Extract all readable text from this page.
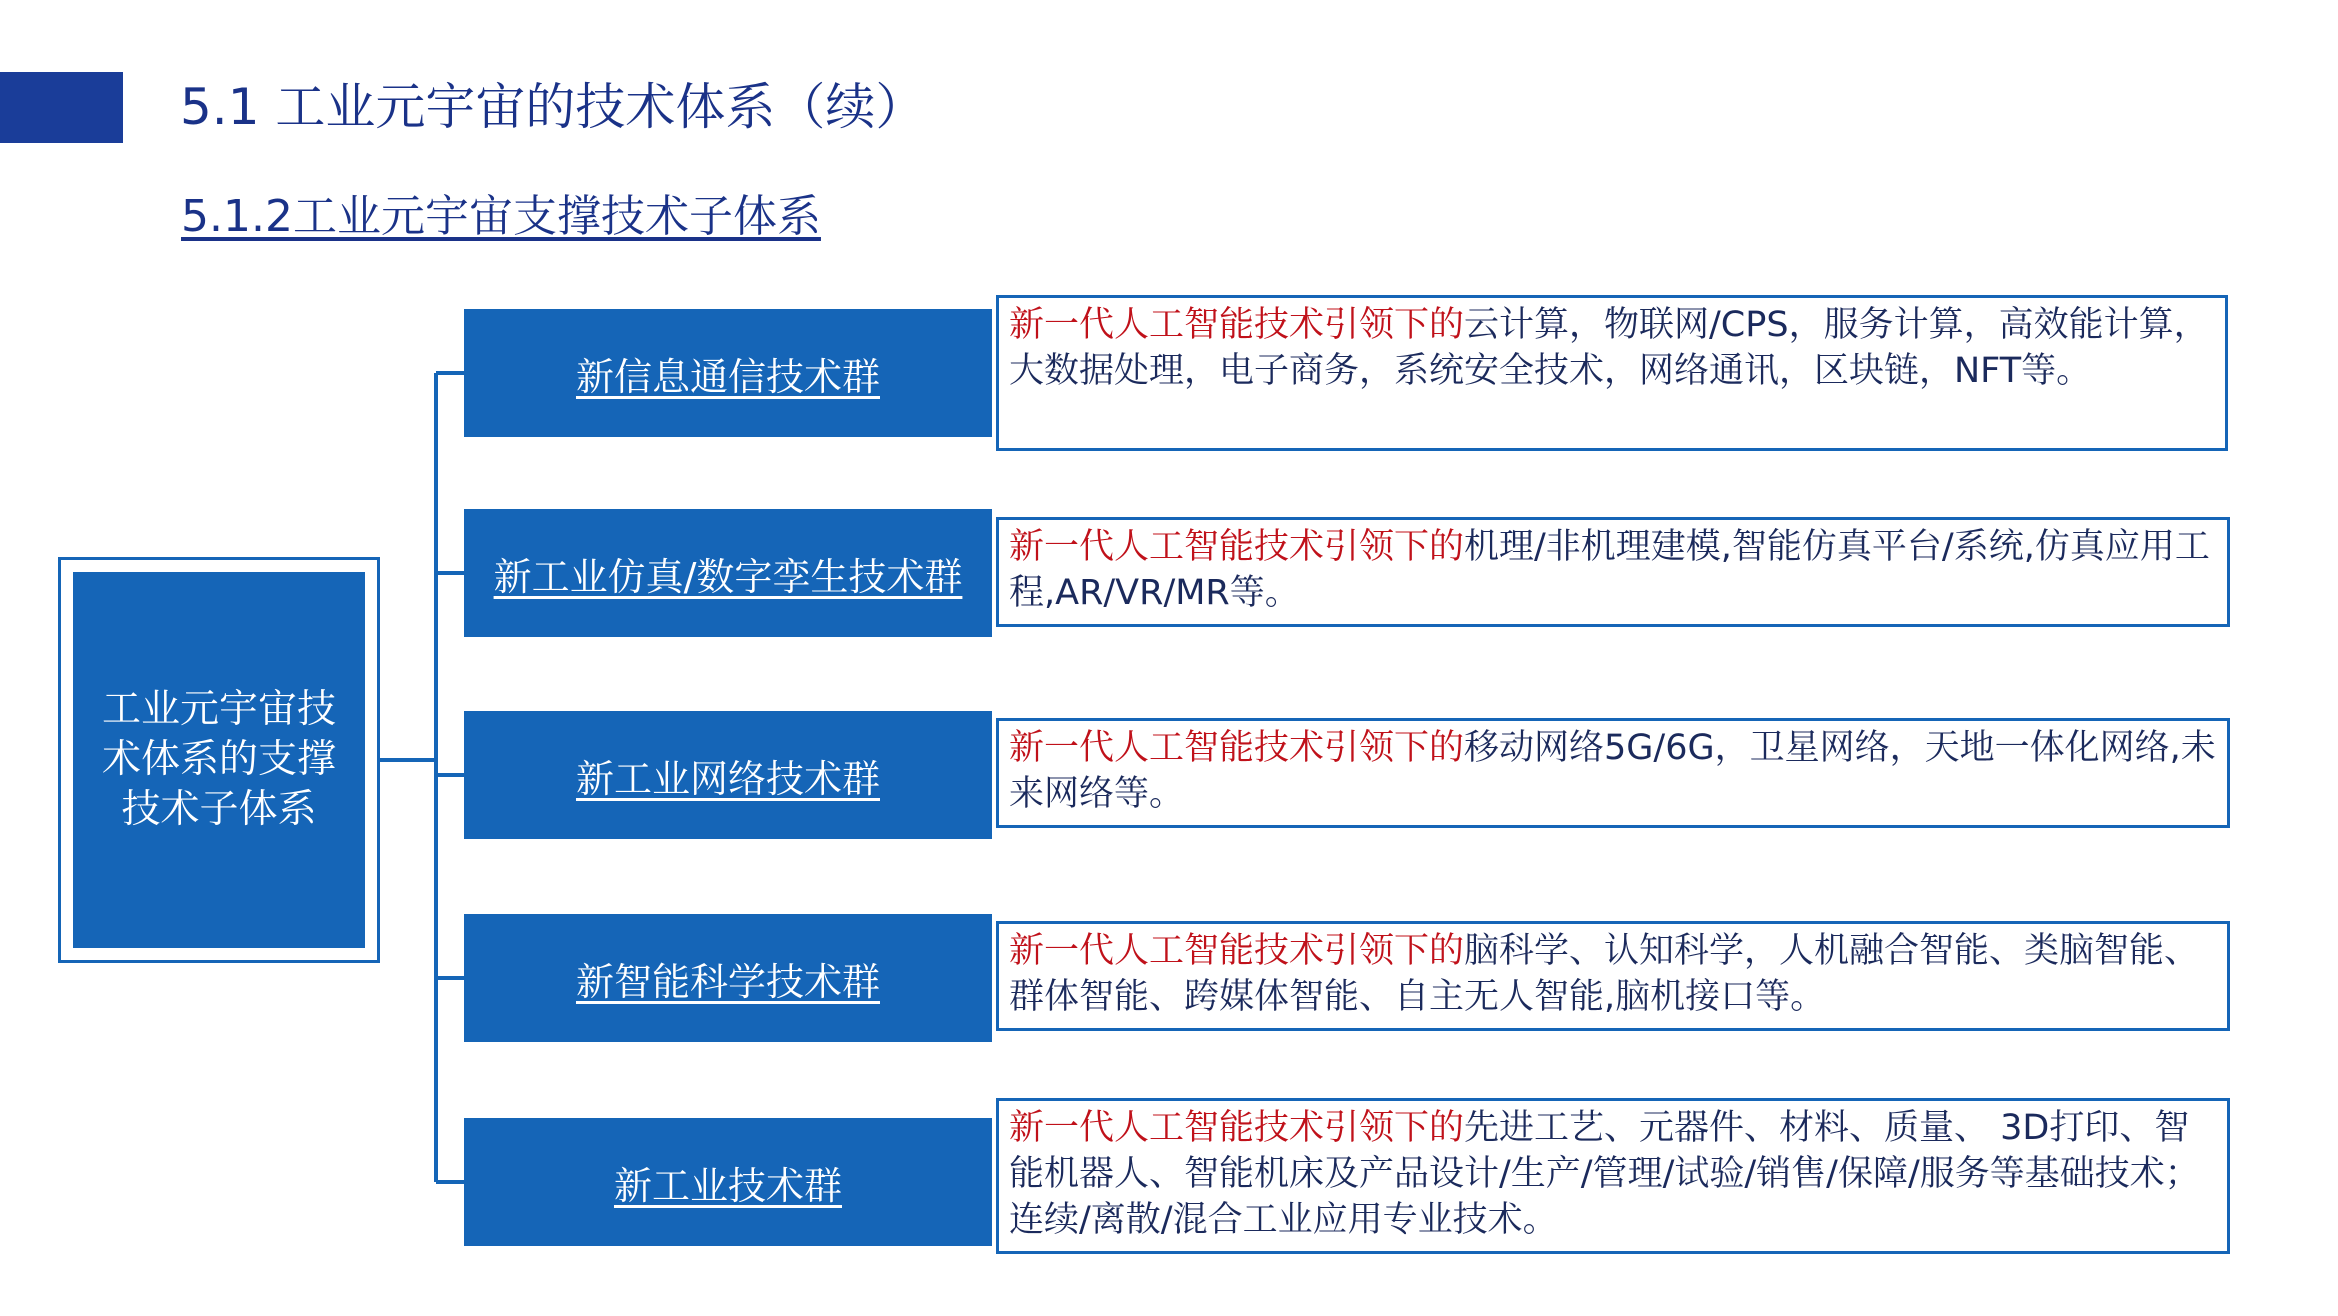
5.1 工业元宇宙的技术体系（续）
5.1.2工业元宇宙支撑技术子体系
工业元宇宙技术体系的支撑技术子体系
新信息通信技术群
新一代人工智能技术引领下的云计算，物联网/CPS，服务计算，高效能计算，大数据处理，电子商务，系统安全技术，网络通讯，区块链，NFT等。
新工业仿真/数字孪生技术群
新一代人工智能技术引领下的机理/非机理建模,智能仿真平台/系统,仿真应用工程,AR/VR/MR等。
新工业网络技术群
新一代人工智能技术引领下的移动网络5G/6G，卫星网络，天地一体化网络,未来网络等。
新智能科学技术群
新一代人工智能技术引领下的脑科学、认知科学，人机融合智能、类脑智能、群体智能、跨媒体智能、自主无人智能,脑机接口等。
新工业技术群
新一代人工智能技术引领下的先进工艺、元器件、材料、质量、 3D打印、智能机器人、智能机床及产品设计/生产/管理/试验/销售/保障/服务等基础技术；连续/离散/混合工业应用专业技术。
